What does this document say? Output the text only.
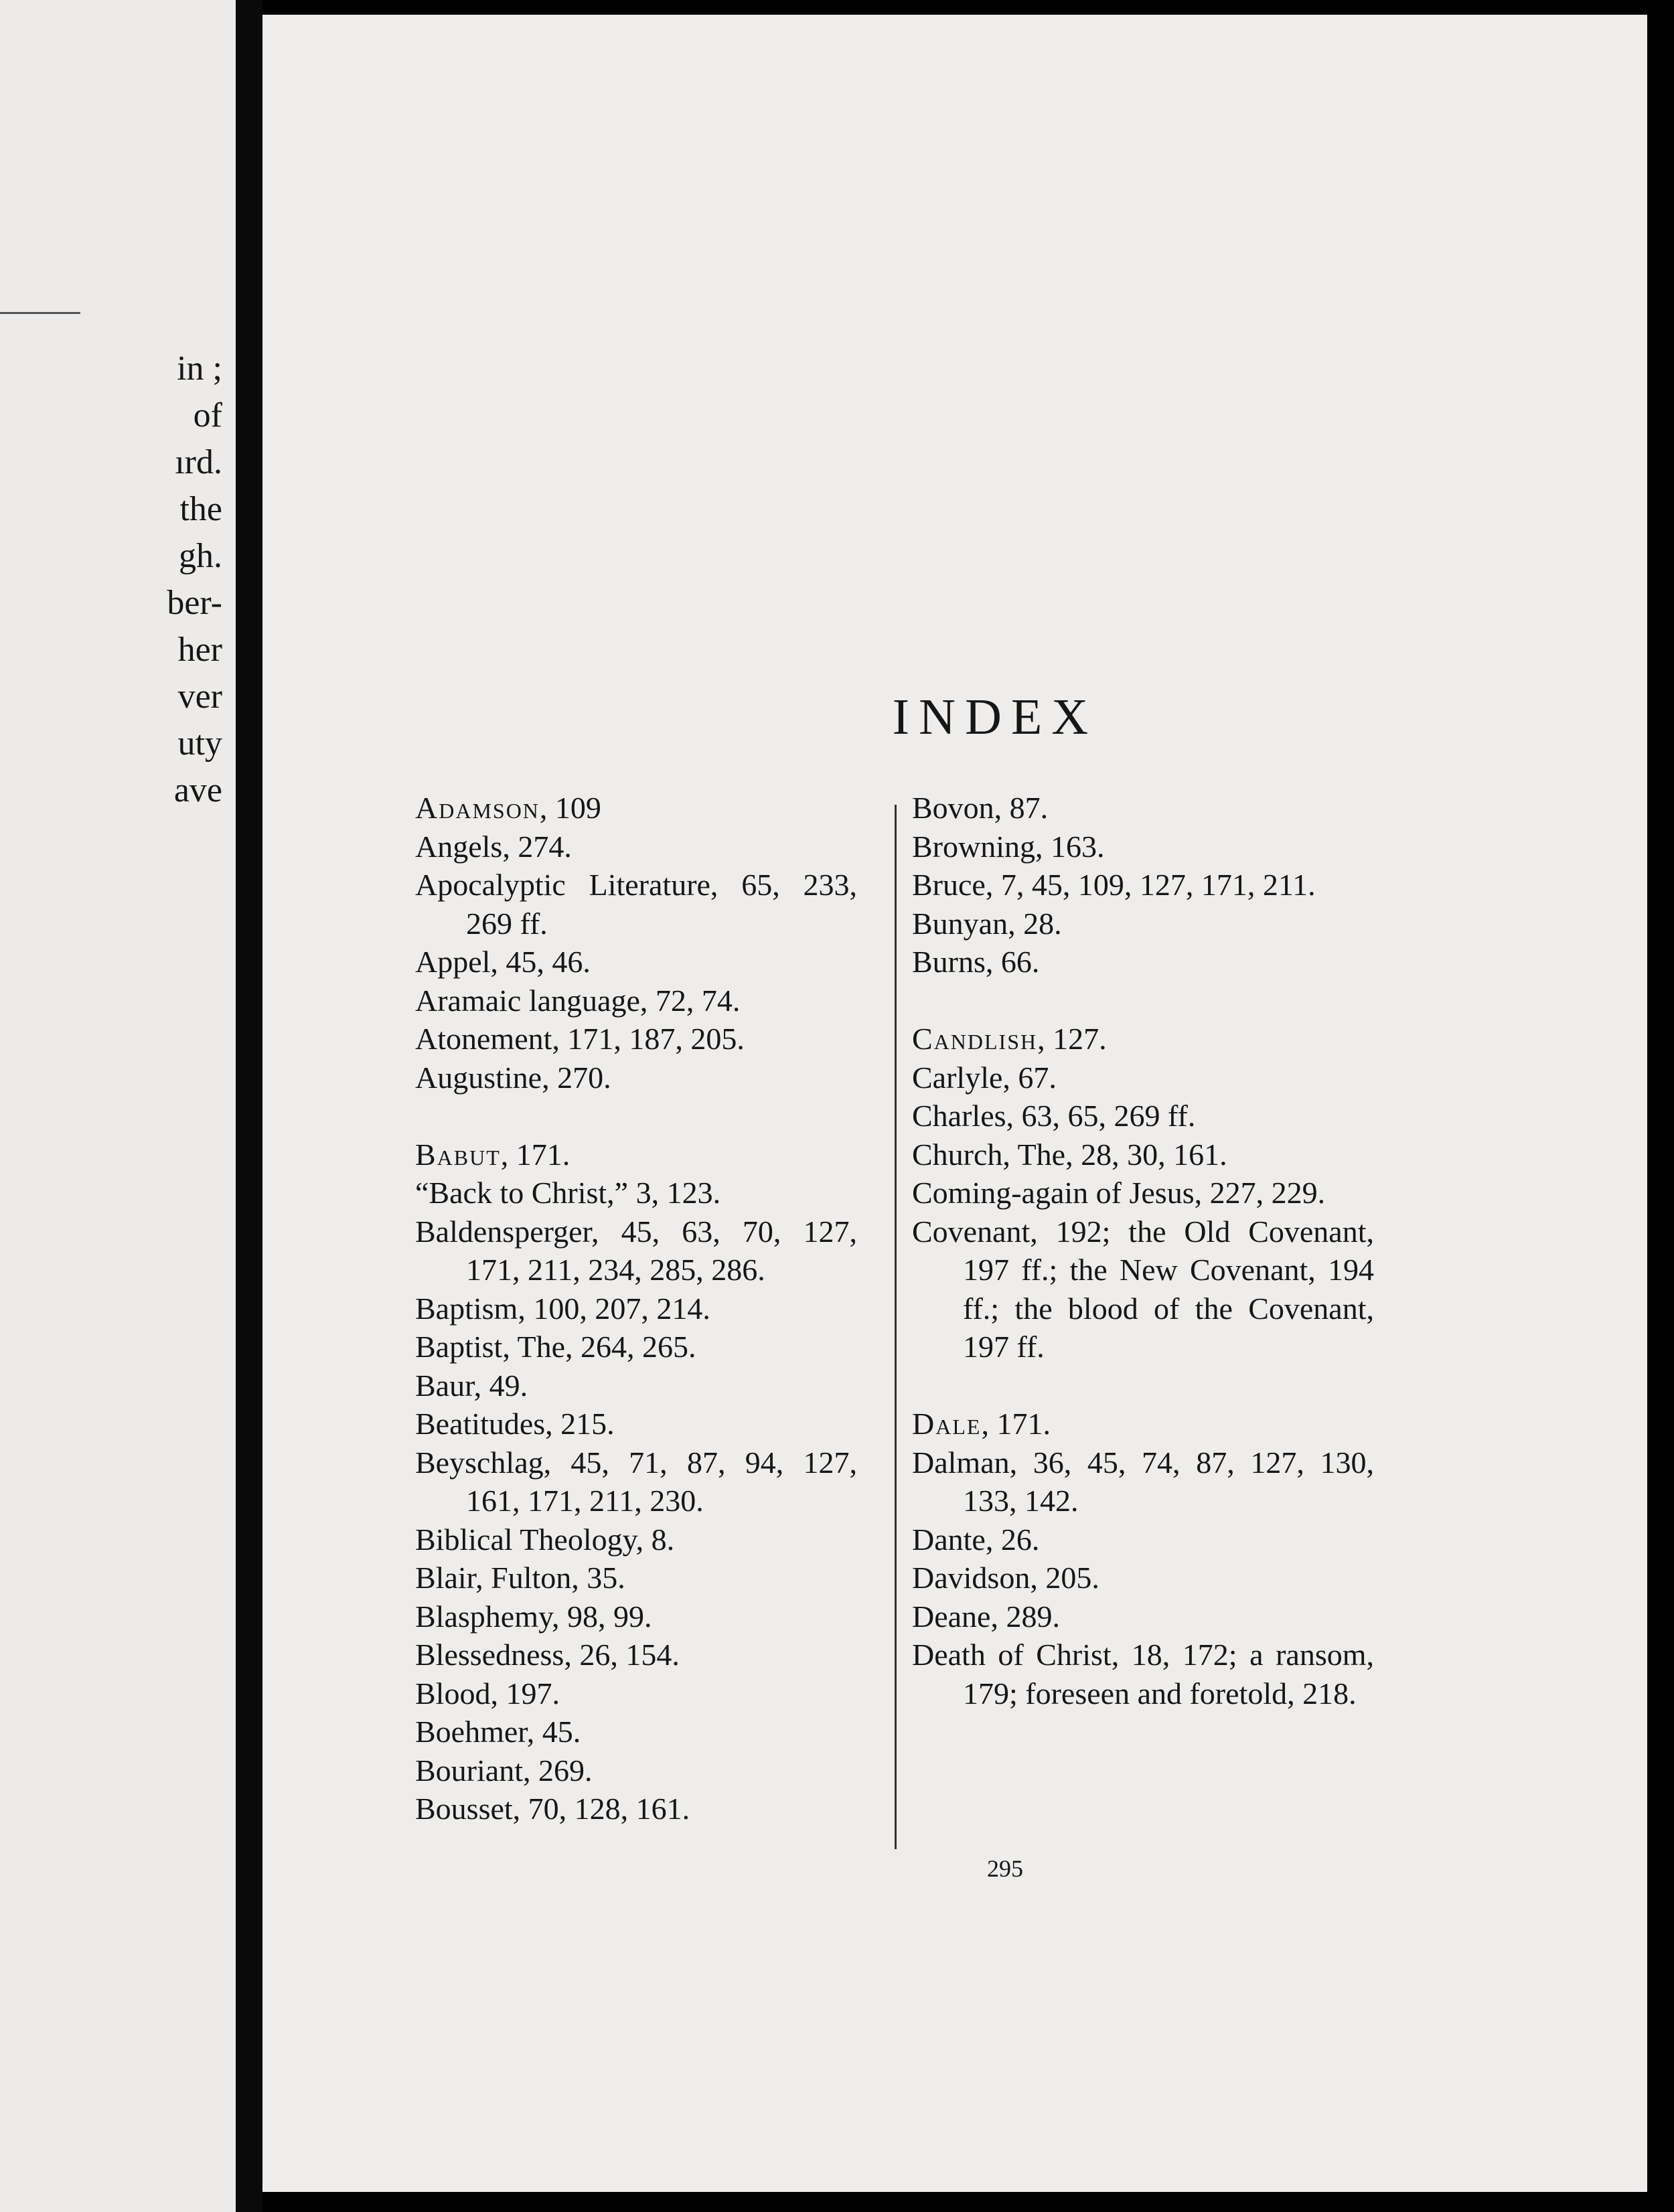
in ;
of
ırd.
the
gh.
ber-
her
ver
uty
ave
INDEX
Adamson, 109
Angels, 274.
Apocalyptic Literature, 65, 233, 269 ff.
Appel, 45, 46.
Aramaic language, 72, 74.
Atonement, 171, 187, 205.
Augustine, 270.
Babut, 171.
“Back to Christ,” 3, 123.
Baldensperger, 45, 63, 70, 127, 171, 211, 234, 285, 286.
Baptism, 100, 207, 214.
Baptist, The, 264, 265.
Baur, 49.
Beatitudes, 215.
Beyschlag, 45, 71, 87, 94, 127, 161, 171, 211, 230.
Biblical Theology, 8.
Blair, Fulton, 35.
Blasphemy, 98, 99.
Blessedness, 26, 154.
Blood, 197.
Boehmer, 45.
Bouriant, 269.
Bousset, 70, 128, 161.
Bovon, 87.
Browning, 163.
Bruce, 7, 45, 109, 127, 171, 211.
Bunyan, 28.
Burns, 66.
Candlish, 127.
Carlyle, 67.
Charles, 63, 65, 269 ff.
Church, The, 28, 30, 161.
Coming-again of Jesus, 227, 229.
Covenant, 192; the Old Covenant, 197 ff.; the New Covenant, 194 ff.; the blood of the Covenant, 197 ff.
Dale, 171.
Dalman, 36, 45, 74, 87, 127, 130, 133, 142.
Dante, 26.
Davidson, 205.
Deane, 289.
Death of Christ, 18, 172; a ransom, 179; foreseen and foretold, 218.
295
